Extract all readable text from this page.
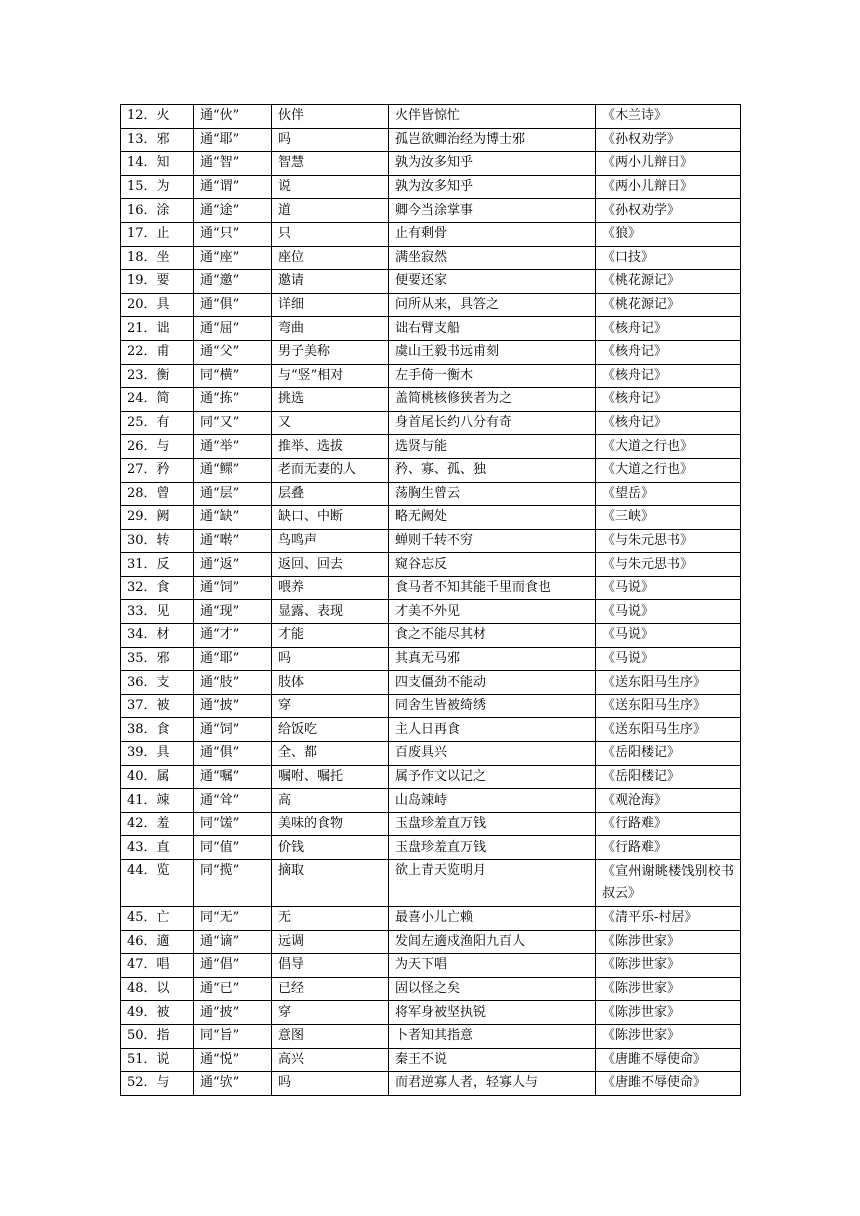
12．火	通“伙”	伙伴	火伴皆惊忙	《木兰诗》
13．邪	通“耶”	吗	孤岂欲卿治经为博士邪	《孙权劝学》
14．知	通“智”	智慧	孰为汝多知乎	《两小儿辩日》
15．为	通“谓”	说	孰为汝多知乎	《两小儿辩日》
16．涂	通“途”	道	卿今当涂掌事	《孙权劝学》
17．止	通“只”	只	止有剩骨	《狼》
18．坐	通“座”	座位	满坐寂然	《口技》
19．要	通“邀”	邀请	便要还家	《桃花源记》
20．具	通“俱”	详细	问所从来，具答之	《桃花源记》
21．诎	通“屈”	弯曲	诎右臂支船	《核舟记》
22．甫	通“父”	男子美称	虞山王毅书远甫刻	《核舟记》
23．衡	同“横”	与“竖”相对	左手倚一衡木	《核舟记》
24．简	通“拣”	挑选	盖简桃核修狭者为之	《核舟记》
25．有	同“又”	又	身首尾长约八分有奇	《核舟记》
26．与	通“举”	推举、选拔	选贤与能	《大道之行也》
27．矜	通“鳏”	老而无妻的人	矜、寡、孤、独	《大道之行也》
28．曾	通“层”	层叠	荡胸生曾云	《望岳》
29．阙	通“缺”	缺口、中断	略无阙处	《三峡》
30．转	通“啭”	鸟鸣声	蝉则千转不穷	《与朱元思书》
31．反	通“返”	返回、回去	窥谷忘反	《与朱元思书》
32．食	通“饲”	喂养	食马者不知其能千里而食也	《马说》
33．见	通“现”	显露、表现	才美不外见	《马说》
34．材	通“才”	才能	食之不能尽其材	《马说》
35．邪	通“耶”	吗	其真无马邪	《马说》
36．支	通“肢”	肢体	四支僵劲不能动	《送东阳马生序》
37．被	通“披”	穿	同舍生皆被绮绣	《送东阳马生序》
38．食	通“饲”	给饭吃	主人日再食	《送东阳马生序》
39．具	通“俱”	全、都	百废具兴	《岳阳楼记》
40．属	通“嘱”	嘱咐、嘱托	属予作文以记之	《岳阳楼记》
41．竦	通“耸”	高	山岛竦峙	《观沧海》
42．羞	同“馐”	美味的食物	玉盘珍羞直万钱	《行路难》
43．直	同“值”	价钱	玉盘珍羞直万钱	《行路难》
44．览	同“揽”	摘取	欲上青天览明月	《宣州谢眺楼饯别校书叔云》
45．亡	同“无”	无	最喜小儿亡赖	《清平乐-村居》
46．適	通“谪”	远调	发闾左適戍渔阳九百人	《陈涉世家》
47．唱	通“倡”	倡导	为天下唱	《陈涉世家》
48．以	通“已”	已经	固以怪之矣	《陈涉世家》
49．被	通“披”	穿	将军身被坚执锐	《陈涉世家》
50．指	同“旨”	意图	卜者知其指意	《陈涉世家》
51．说	通“悦”	高兴	秦王不说	《唐雎不辱使命》
52．与	通“欤”	吗	而君逆寡人者，轻寡人与	《唐雎不辱使命》
